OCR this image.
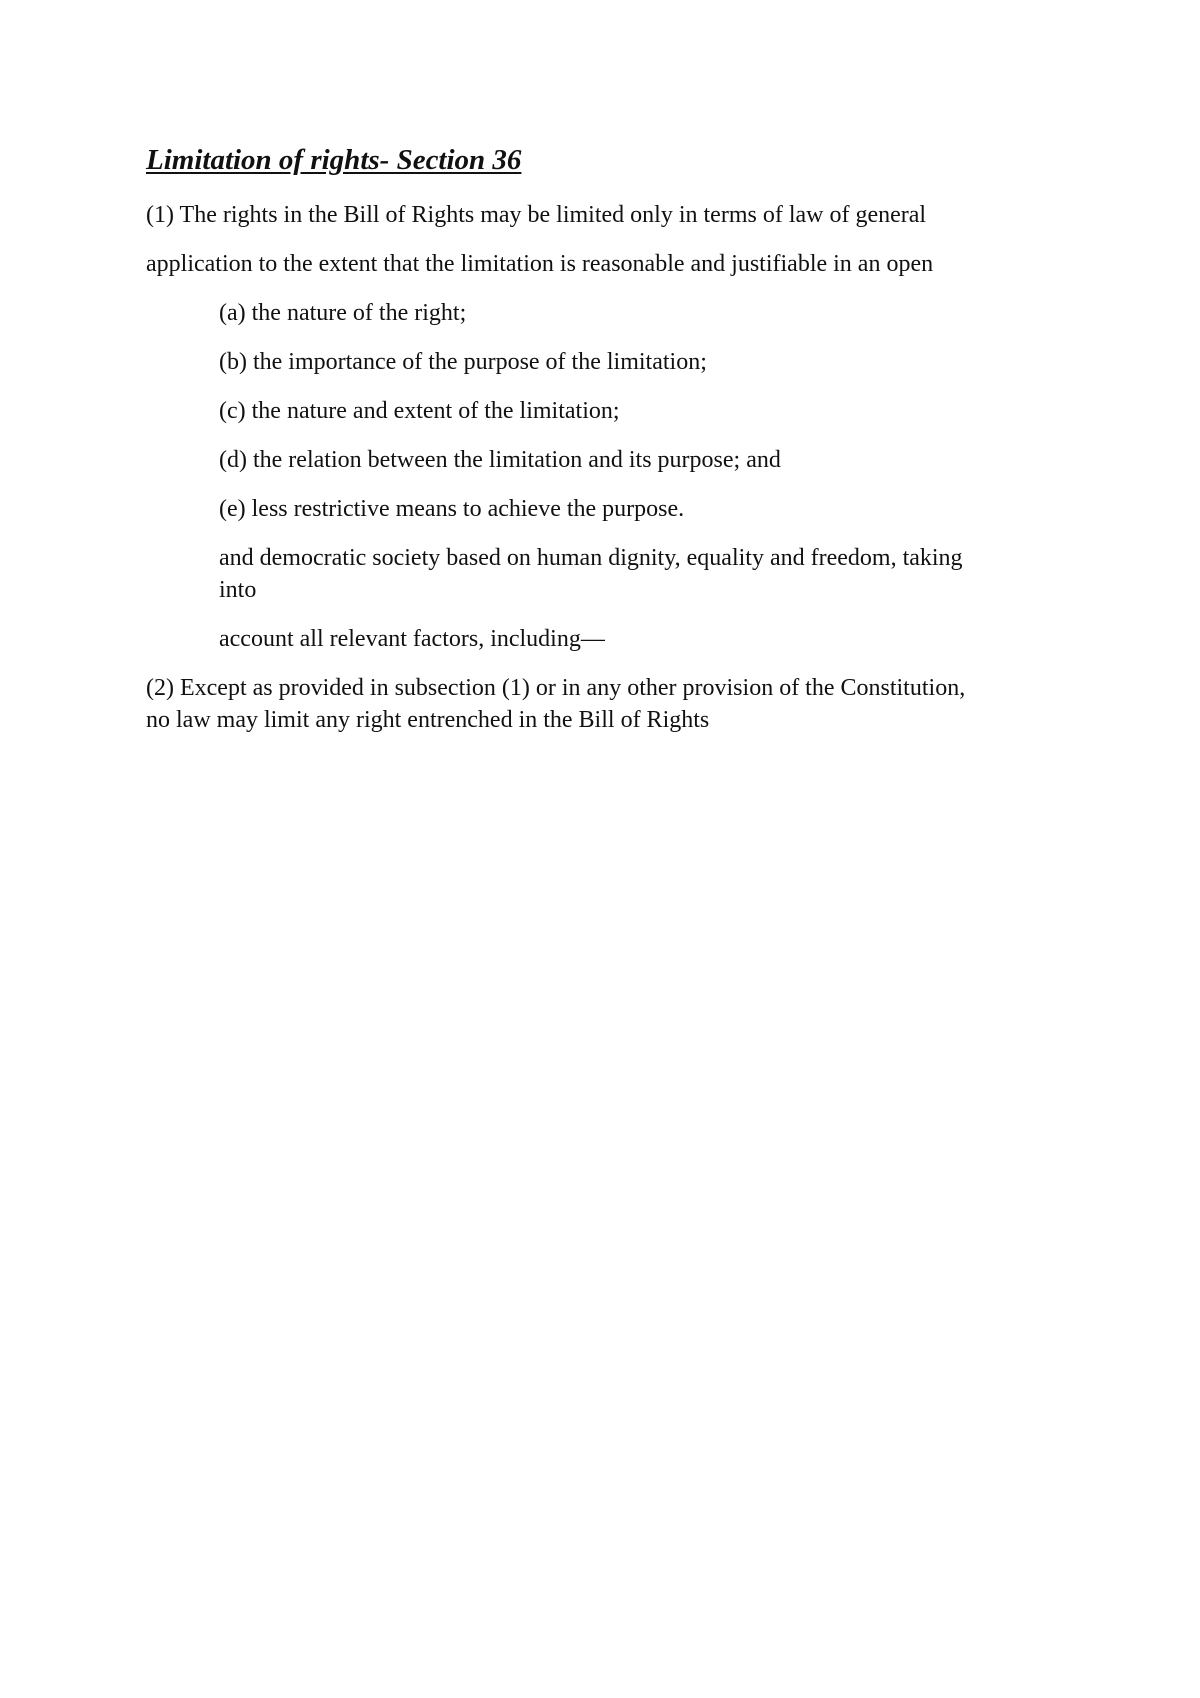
Limitation of rights- Section 36
(1) The rights in the Bill of Rights may be limited only in terms of law of general
application to the extent that the limitation is reasonable and justifiable in an open
(a) the nature of the right;
(b) the importance of the purpose of the limitation;
(c) the nature and extent of the limitation;
(d) the relation between the limitation and its purpose; and
(e) less restrictive means to achieve the purpose.
and democratic society based on human dignity, equality and freedom, taking
into
account all relevant factors, including—
(2) Except as provided in subsection (1) or in any other provision of the Constitution,
no law may limit any right entrenched in the Bill of Rights
